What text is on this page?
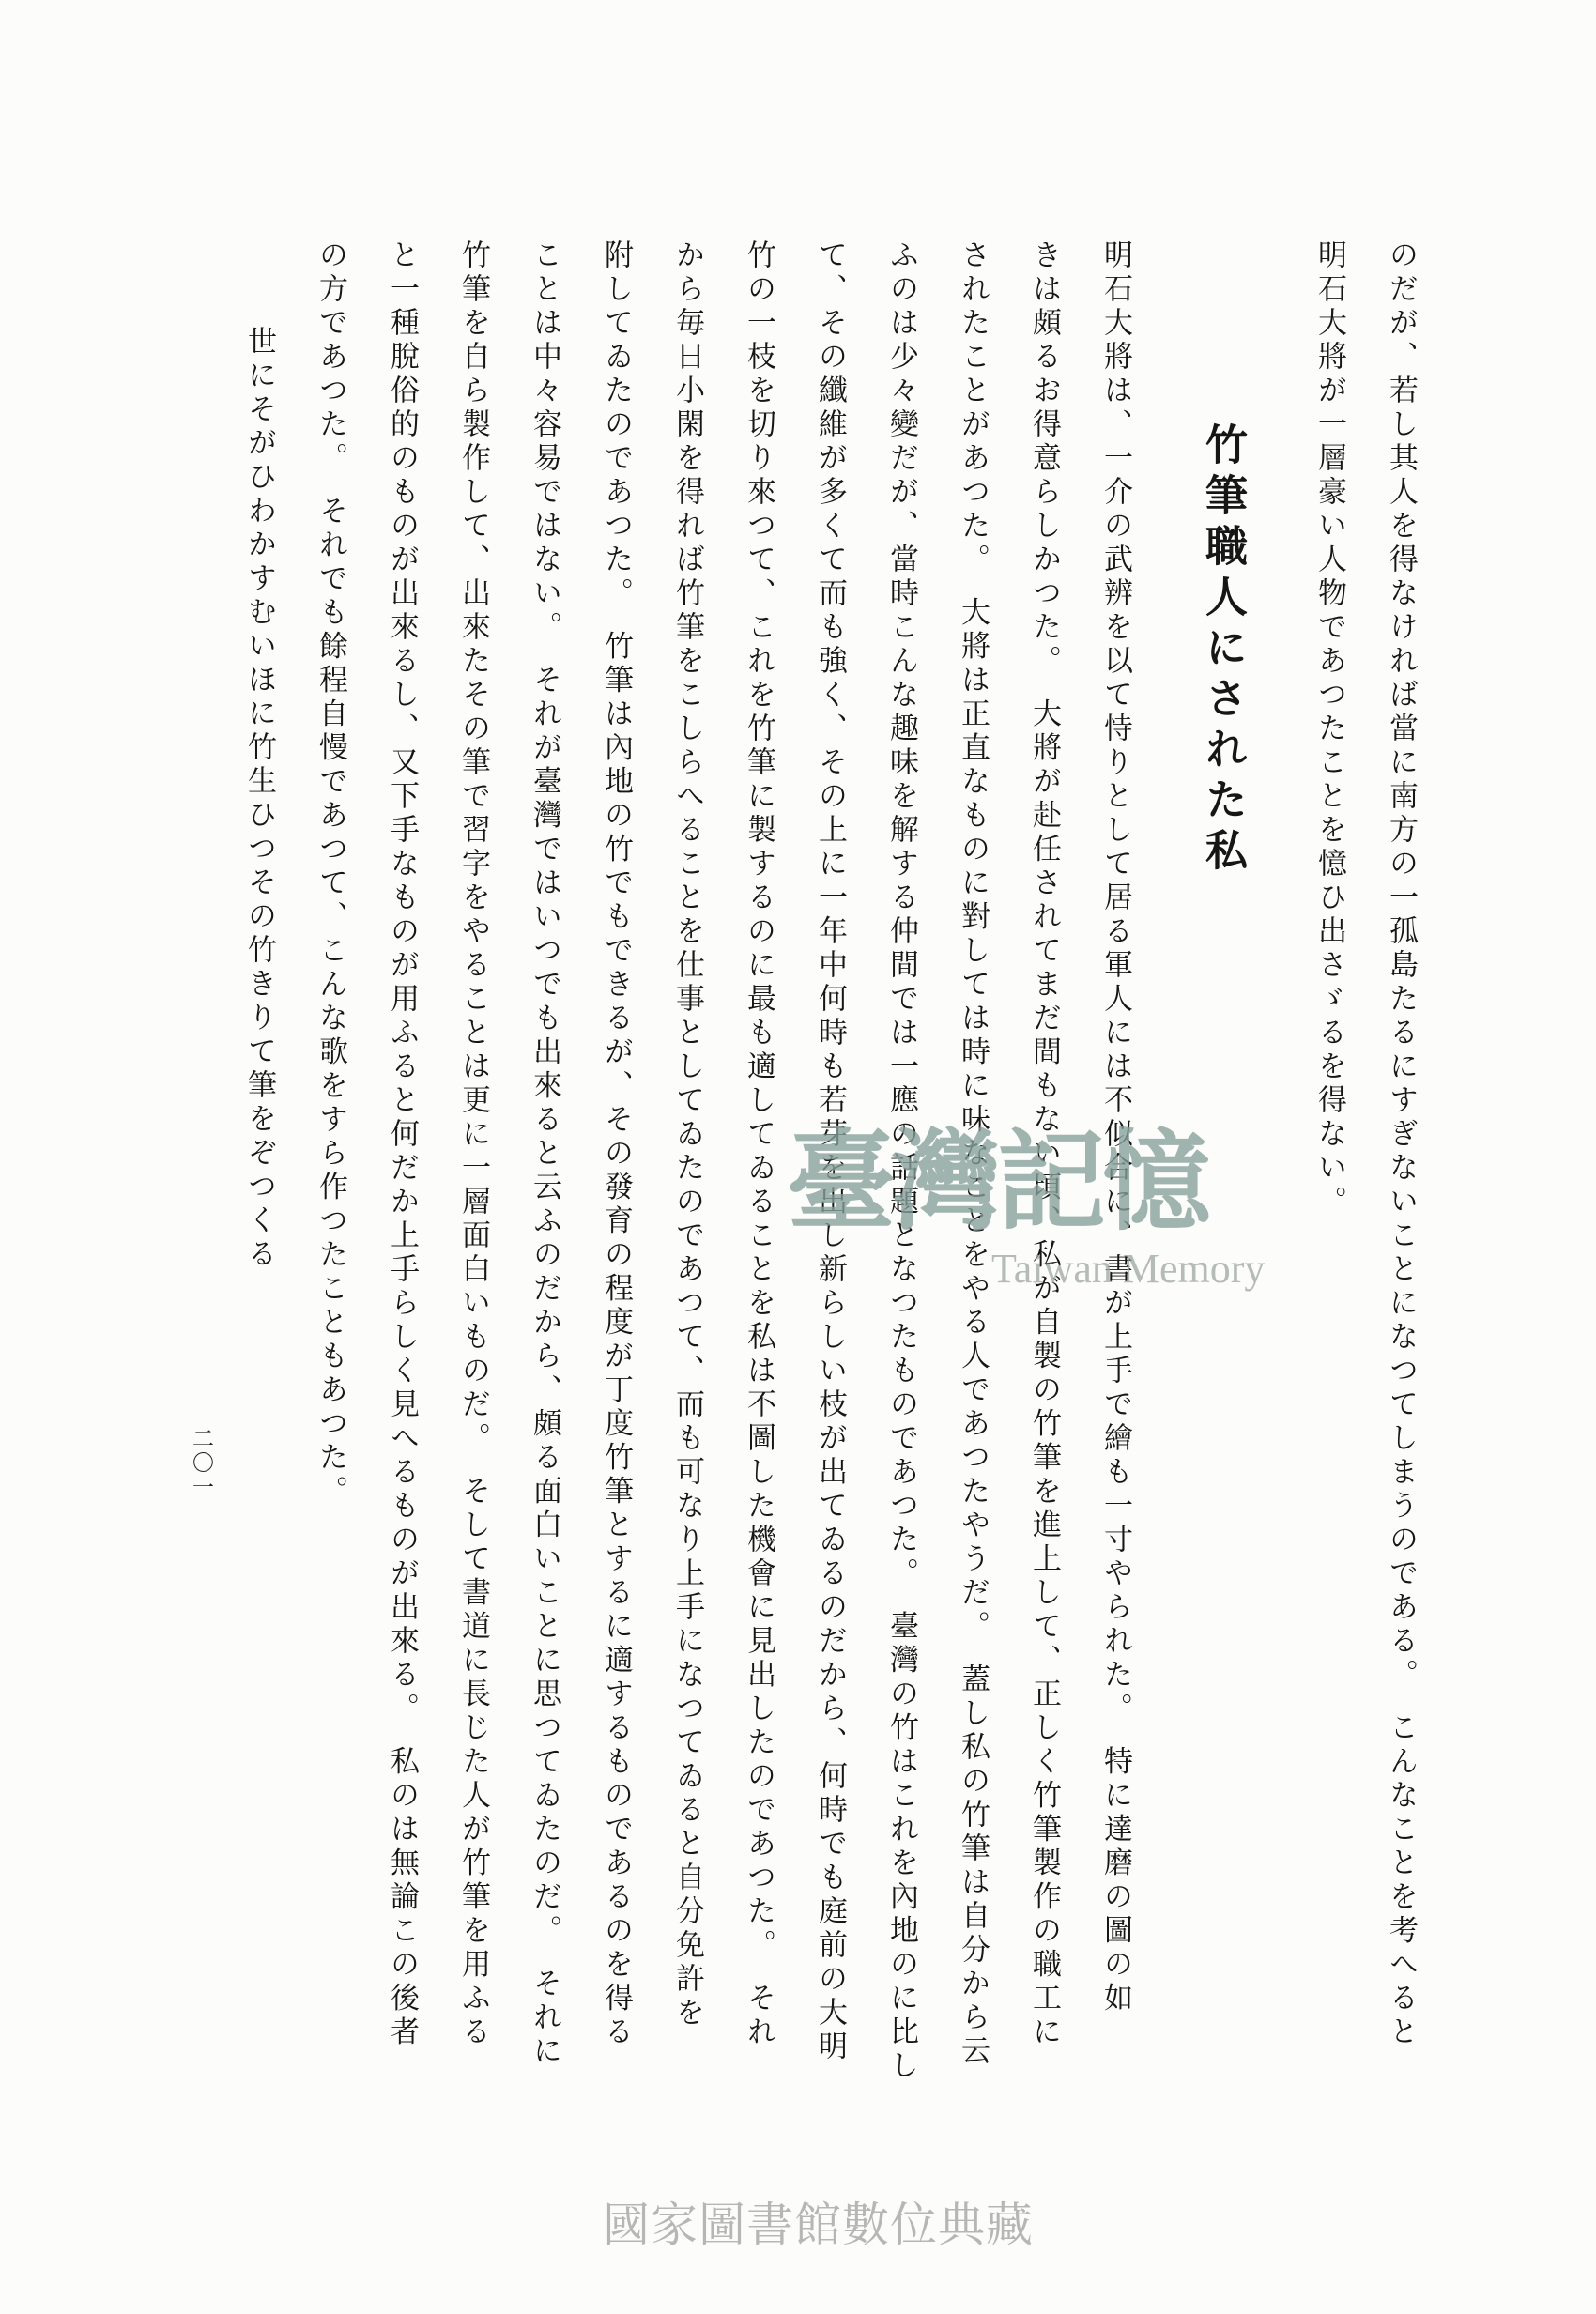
のだが、若し其人を得なければ當に南方の一孤島たるにすぎないことになつてしまうのである。　こんなことを考へると

明石大將が一層豪い人物であつたことを憶ひ出さゞるを得ない。

竹筆職人にされた私

明石大將は、一介の武辨を以て恃りとして居る軍人には不似合に、書が上手で繪も一寸やられた。　特に達磨の圖の如

きは頗るお得意らしかつた。　大將が赴任されてまだ間もない頃、私が自製の竹筆を進上して、正しく竹筆製作の職工に

されたことがあつた。　大將は正直なものに對しては時に味なことをやる人であつたやうだ。　蓋し私の竹筆は自分から云

ふのは少々變だが、當時こんな趣味を解する仲間では一應の話題となつたものであつた。　臺灣の竹はこれを內地のに比し

て、その纖維が多くて而も強く、その上に一年中何時も若芽を出し新らしい枝が出てゐるのだから、何時でも庭前の大明

竹の一枝を切り來つて、これを竹筆に製するのに最も適してゐることを私は不圖した機會に見出したのであつた。　それ

から毎日小閑を得れば竹筆をこしらへることを仕事としてゐたのであつて、而も可なり上手になつてゐると自分免許を

附してゐたのであつた。　竹筆は內地の竹でもできるが、その發育の程度が丁度竹筆とするに適するものであるのを得る

ことは中々容易ではない。　それが臺灣ではいつでも出來ると云ふのだから、頗る面白いことに思つてゐたのだ。　それに

竹筆を自ら製作して、出來たその筆で習字をやることは更に一層面白いものだ。　そして書道に長じた人が竹筆を用ふる

と一種脫俗的のものが出來るし、又下手なものが用ふると何だか上手らしく見へるものが出來る。　私のは無論この後者

の方であつた。　それでも餘程自慢であつて、こんな歌をすら作つたこともあつた。

世にそがひわかすむいほに竹生ひつその竹きりて筆をぞつくる

二〇一
臺灣記憶
Taiwan Memory
國家圖書館數位典藏
